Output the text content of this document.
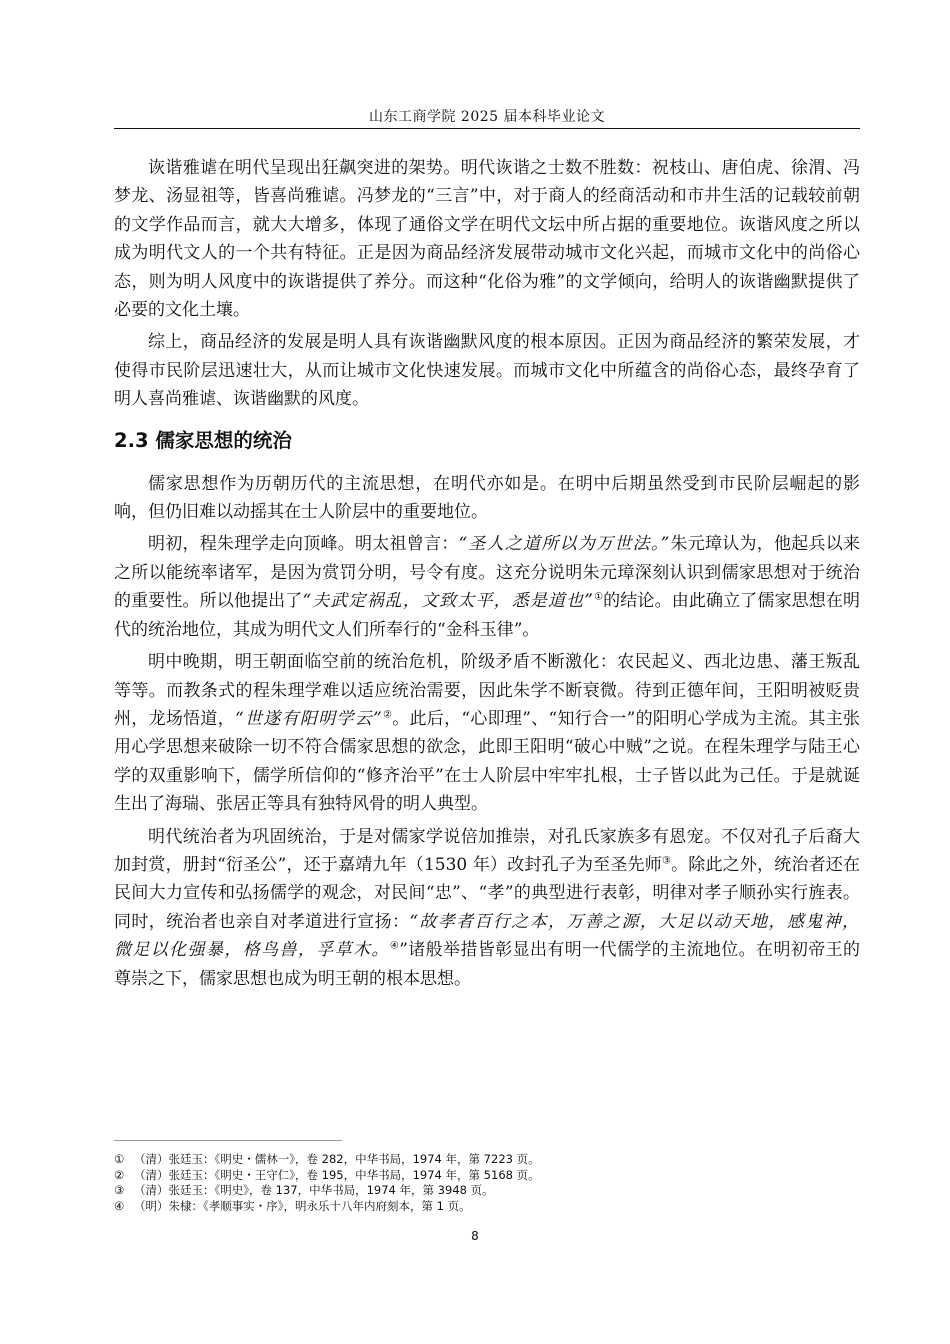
山东工商学院 2025 届本科毕业论文

诙谐雅谑在明代呈现出狂飙突进的架势。明代诙谐之士数不胜数：祝枝山、唐伯虎、徐渭、冯梦龙、汤显祖等，皆喜尚雅谑。冯梦龙的“三言”中，对于商人的经商活动和市井生活的记载较前朝的文学作品而言，就大大增多，体现了通俗文学在明代文坛中所占据的重要地位。诙谐风度之所以成为明代文人的一个共有特征。正是因为商品经济发展带动城市文化兴起，而城市文化中的尚俗心态，则为明人风度中的诙谐提供了养分。而这种“化俗为雅”的文学倾向，给明人的诙谐幽默提供了必要的文化土壤。

综上，商品经济的发展是明人具有诙谐幽默风度的根本原因。正因为商品经济的繁荣发展，才使得市民阶层迅速壮大，从而让城市文化快速发展。而城市文化中所蕴含的尚俗心态，最终孕育了明人喜尚雅谑、诙谐幽默的风度。

2.3 儒家思想的统治

儒家思想作为历朝历代的主流思想，在明代亦如是。在明中后期虽然受到市民阶层崛起的影响，但仍旧难以动摇其在士人阶层中的重要地位。

明初，程朱理学走向顶峰。明太祖曾言：“圣人之道所以为万世法。”朱元璋认为，他起兵以来之所以能统率诸军，是因为赏罚分明，号令有度。这充分说明朱元璋深刻认识到儒家思想对于统治的重要性。所以他提出了“夫武定祸乱，文致太平，悉是道也”①的结论。由此确立了儒家思想在明代的统治地位，其成为明代文人们所奉行的“金科玉律”。

明中晚期，明王朝面临空前的统治危机，阶级矛盾不断激化：农民起义、西北边患、藩王叛乱等等。而教条式的程朱理学难以适应统治需要，因此朱学不断衰微。待到正德年间，王阳明被贬贵州，龙场悟道，“世遂有阳明学云”②。此后，“心即理”、“知行合一”的阳明心学成为主流。其主张用心学思想来破除一切不符合儒家思想的欲念，此即王阳明“破心中贼”之说。在程朱理学与陆王心学的双重影响下，儒学所信仰的“修齐治平”在士人阶层中牢牢扎根，士子皆以此为己任。于是就诞生出了海瑞、张居正等具有独特风骨的明人典型。

明代统治者为巩固统治，于是对儒家学说倍加推崇，对孔氏家族多有恩宠。不仅对孔子后裔大加封赏，册封“衍圣公”，还于嘉靖九年（1530 年）改封孔子为至圣先师③。除此之外，统治者还在民间大力宣传和弘扬儒学的观念，对民间“忠”、“孝”的典型进行表彰，明律对孝子顺孙实行旌表。同时，统治者也亲自对孝道进行宣扬：“故孝者百行之本，万善之源，大足以动天地，感鬼神，微足以化强暴，格鸟兽，孚草木。④”诸般举措皆彰显出有明一代儒学的主流地位。在明初帝王的尊崇之下，儒家思想也成为明王朝的根本思想。

① （清）张廷玉：《明史・儒林一》，卷 282，中华书局，1974 年，第 7223 页。
② （清）张廷玉：《明史・王守仁》，卷 195，中华书局，1974 年，第 5168 页。
③ （清）张廷玉：《明史》，卷 137，中华书局，1974 年，第 3948 页。
④ （明）朱棣：《孝顺事实・序》，明永乐十八年内府刻本，第 1 页。
8
